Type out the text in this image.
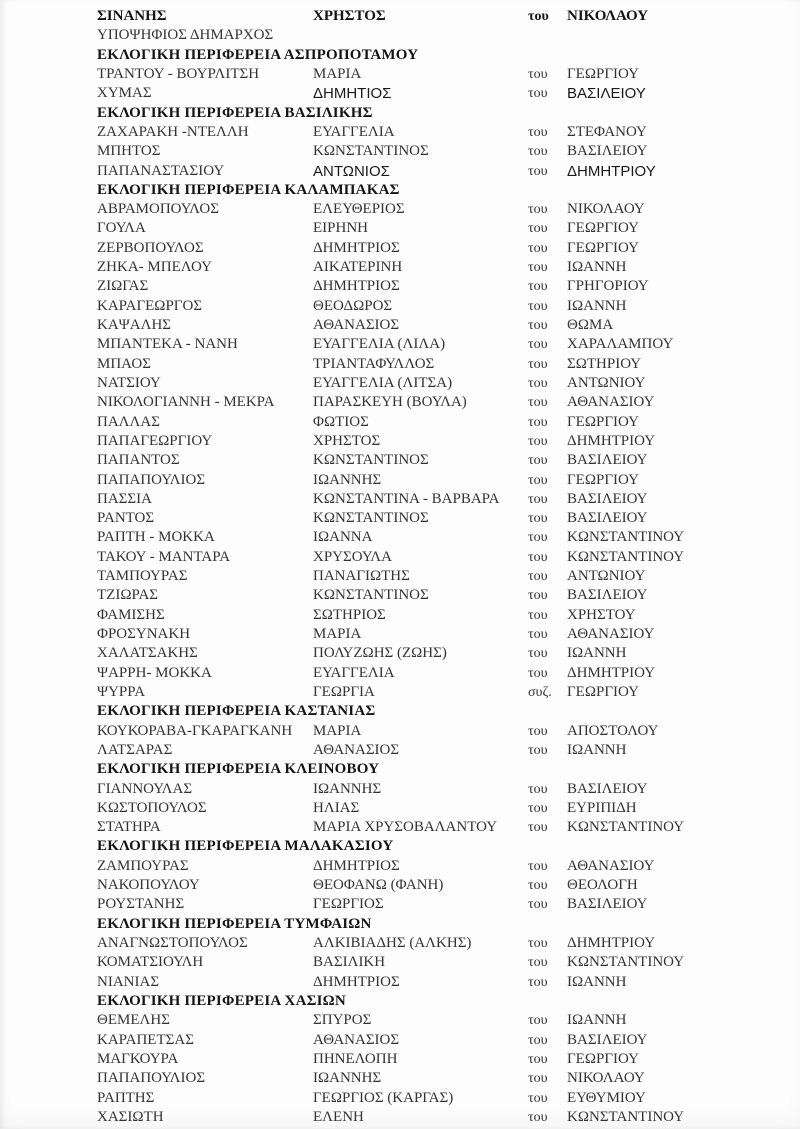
ΣΙΝΑΝΗΣ	ΧΡΗΣΤΟΣ	του	ΝΙΚΟΛΑΟΥ
ΥΠΟΨΗΦΙΟΣ ΔΗΜΑΡΧΟΣ
ΕΚΛΟΓΙΚΗ ΠΕΡΙΦΕΡΕΙΑ ΑΣΠΡΟΠΟΤΑΜΟΥ
ΤΡΑΝΤΟΥ - ΒΟΥΡΛΙΤΣΗ	ΜΑΡΙΑ	του	ΓΕΩΡΓΙΟΥ
ΧΥΜΑΣ	ΔΗΜΗΤΙΟΣ	του	ΒΑΣΙΛΕΙΟΥ
ΕΚΛΟΓΙΚΗ ΠΕΡΙΦΕΡΕΙΑ ΒΑΣΙΛΙΚΗΣ
ΖΑΧΑΡΑΚΗ -ΝΤΕΛΛΗ	ΕΥΑΓΓΕΛΙΑ	του	ΣΤΕΦΑΝΟΥ
ΜΠΗΤΟΣ	ΚΩΝΣΤΑΝΤΙΝΟΣ	του	ΒΑΣΙΛΕΙΟΥ
ΠΑΠΑΝΑΣΤΑΣΙΟΥ	ΑΝΤΩΝΙΟΣ	του	ΔΗΜΗΤΡΙΟΥ
ΕΚΛΟΓΙΚΗ ΠΕΡΙΦΕΡΕΙΑ ΚΑΛΑΜΠΑΚΑΣ
ΑΒΡΑΜΟΠΟΥΛΟΣ	ΕΛΕΥΘΕΡΙΟΣ	του	ΝΙΚΟΛΑΟΥ
ΓΟΥΛΑ	ΕΙΡΗΝΗ	του	ΓΕΩΡΓΙΟΥ
ΖΕΡΒΟΠΟΥΛΟΣ	ΔΗΜΗΤΡΙΟΣ	του	ΓΕΩΡΓΙΟΥ
ΖΗΚΑ- ΜΠΕΛΟΥ	ΑΙΚΑΤΕΡΙΝΗ	του	ΙΩΑΝΝΗ
ΖΙΩΓΑΣ	ΔΗΜΗΤΡΙΟΣ	του	ΓΡΗΓΟΡΙΟΥ
ΚΑΡΑΓΕΩΡΓΟΣ	ΘΕΟΔΩΡΟΣ	του	ΙΩΑΝΝΗ
ΚΑΨΑΛΗΣ	ΑΘΑΝΑΣΙΟΣ	του	ΘΩΜΑ
ΜΠΑΝΤΕΚΑ - ΝΑΝΗ	ΕΥΑΓΓΕΛΙΑ (ΛΙΛΑ)	του	ΧΑΡΑΛΑΜΠΟΥ
ΜΠΑΟΣ	ΤΡΙΑΝΤΑΦΥΛΛΟΣ	του	ΣΩΤΗΡΙΟΥ
ΝΑΤΣΙΟΥ	ΕΥΑΓΓΕΛΙΑ (ΛΙΤΣΑ)	του	ΑΝΤΩΝΙΟΥ
ΝΙΚΟΛΟΓΙΑΝΝΗ - ΜΕΚΡΑ	ΠΑΡΑΣΚΕΥΗ (ΒΟΥΛΑ)	του	ΑΘΑΝΑΣΙΟΥ
ΠΑΛΛΑΣ	ΦΩΤΙΟΣ	του	ΓΕΩΡΓΙΟΥ
ΠΑΠΑΓΕΩΡΓΙΟΥ	ΧΡΗΣΤΟΣ	του	ΔΗΜΗΤΡΙΟΥ
ΠΑΠΑΝΤΟΣ	ΚΩΝΣΤΑΝΤΙΝΟΣ	του	ΒΑΣΙΛΕΙΟΥ
ΠΑΠΑΠΟΥΛΙΟΣ	ΙΩΑΝΝΗΣ	του	ΓΕΩΡΓΙΟΥ
ΠΑΣΣΙΑ	ΚΩΝΣΤΑΝΤΙΝΑ - ΒΑΡΒΑΡΑ	του	ΒΑΣΙΛΕΙΟΥ
ΡΑΝΤΟΣ	ΚΩΝΣΤΑΝΤΙΝΟΣ	του	ΒΑΣΙΛΕΙΟΥ
ΡΑΠΤΗ - ΜΟΚΚΑ	ΙΩΑΝΝΑ	του	ΚΩΝΣΤΑΝΤΙΝΟΥ
ΤΑΚΟΥ - ΜΑΝΤΑΡΑ	ΧΡΥΣΟΥΛΑ	του	ΚΩΝΣΤΑΝΤΙΝΟΥ
ΤΑΜΠΟΥΡΑΣ	ΠΑΝΑΓΙΩΤΗΣ	του	ΑΝΤΩΝΙΟΥ
ΤΖΙΩΡΑΣ	ΚΩΝΣΤΑΝΤΙΝΟΣ	του	ΒΑΣΙΛΕΙΟΥ
ΦΑΜΙΣΗΣ	ΣΩΤΗΡΙΟΣ	του	ΧΡΗΣΤΟΥ
ΦΡΟΣΥΝΑΚΗ	ΜΑΡΙΑ	του	ΑΘΑΝΑΣΙΟΥ
ΧΑΛΑΤΣΑΚΗΣ	ΠΟΛΥΖΩΗΣ (ΖΩΗΣ)	του	ΙΩΑΝΝΗ
ΨΑΡΡΗ- ΜΟΚΚΑ	ΕΥΑΓΓΕΛΙΑ	του	ΔΗΜΗΤΡΙΟΥ
ΨΥΡΡΑ	ΓΕΩΡΓΙΑ	συζ.	ΓΕΩΡΓΙΟΥ
ΕΚΛΟΓΙΚΗ ΠΕΡΙΦΕΡΕΙΑ ΚΑΣΤΑΝΙΑΣ
ΚΟΥΚΟΡΑΒΑ-ΓΚΑΡΑΓΚΑΝΗ	ΜΑΡΙΑ	του	ΑΠΟΣΤΟΛΟΥ
ΛΑΤΣΑΡΑΣ	ΑΘΑΝΑΣΙΟΣ	του	ΙΩΑΝΝΗ
ΕΚΛΟΓΙΚΗ ΠΕΡΙΦΕΡΕΙΑ ΚΛΕΙΝΟΒΟΥ
ΓΙΑΝΝΟΥΛΑΣ	ΙΩΑΝΝΗΣ	του	ΒΑΣΙΛΕΙΟΥ
ΚΩΣΤΟΠΟΥΛΟΣ	ΗΛΙΑΣ	του	ΕΥΡΙΠΙΔΗ
ΣΤΑΤΗΡΑ	ΜΑΡΙΑ ΧΡΥΣΟΒΑΛΑΝΤΟΥ	του	ΚΩΝΣΤΑΝΤΙΝΟΥ
ΕΚΛΟΓΙΚΗ ΠΕΡΙΦΕΡΕΙΑ ΜΑΛΑΚΑΣΙΟΥ
ΖΑΜΠΟΥΡΑΣ	ΔΗΜΗΤΡΙΟΣ	του	ΑΘΑΝΑΣΙΟΥ
ΝΑΚΟΠΟΥΛΟΥ	ΘΕΟΦΑΝΩ (ΦΑΝΗ)	του	ΘΕΟΛΟΓΗ
ΡΟΥΣΤΑΝΗΣ	ΓΕΩΡΓΙΟΣ	του	ΒΑΣΙΛΕΙΟΥ
ΕΚΛΟΓΙΚΗ ΠΕΡΙΦΕΡΕΙΑ ΤΥΜΦΑΙΩΝ
ΑΝΑΓΝΩΣΤΟΠΟΥΛΟΣ	ΑΛΚΙΒΙΑΔΗΣ (ΑΛΚΗΣ)	του	ΔΗΜΗΤΡΙΟΥ
ΚΟΜΑΤΣΙΟΥΛΗ	ΒΑΣΙΛΙΚΗ	του	ΚΩΝΣΤΑΝΤΙΝΟΥ
ΝΙΑΝΙΑΣ	ΔΗΜΗΤΡΙΟΣ	του	ΙΩΑΝΝΗ
ΕΚΛΟΓΙΚΗ ΠΕΡΙΦΕΡΕΙΑ ΧΑΣΙΩΝ
ΘΕΜΕΛΗΣ	ΣΠΥΡΟΣ	του	ΙΩΑΝΝΗ
ΚΑΡΑΠΕΤΣΑΣ	ΑΘΑΝΑΣΙΟΣ	του	ΒΑΣΙΛΕΙΟΥ
ΜΑΓΚΟΥΡΑ	ΠΗΝΕΛΟΠΗ	του	ΓΕΩΡΓΙΟΥ
ΠΑΠΑΠΟΥΛΙΟΣ	ΙΩΑΝΝΗΣ	του	ΝΙΚΟΛΑΟΥ
ΡΑΠΤΗΣ	ΓΕΩΡΓΙΟΣ (ΚΑΡΓΑΣ)	του	ΕΥΘΥΜΙΟΥ
ΧΑΣΙΩΤΗ	ΕΛΕΝΗ	του	ΚΩΝΣΤΑΝΤΙΝΟΥ
